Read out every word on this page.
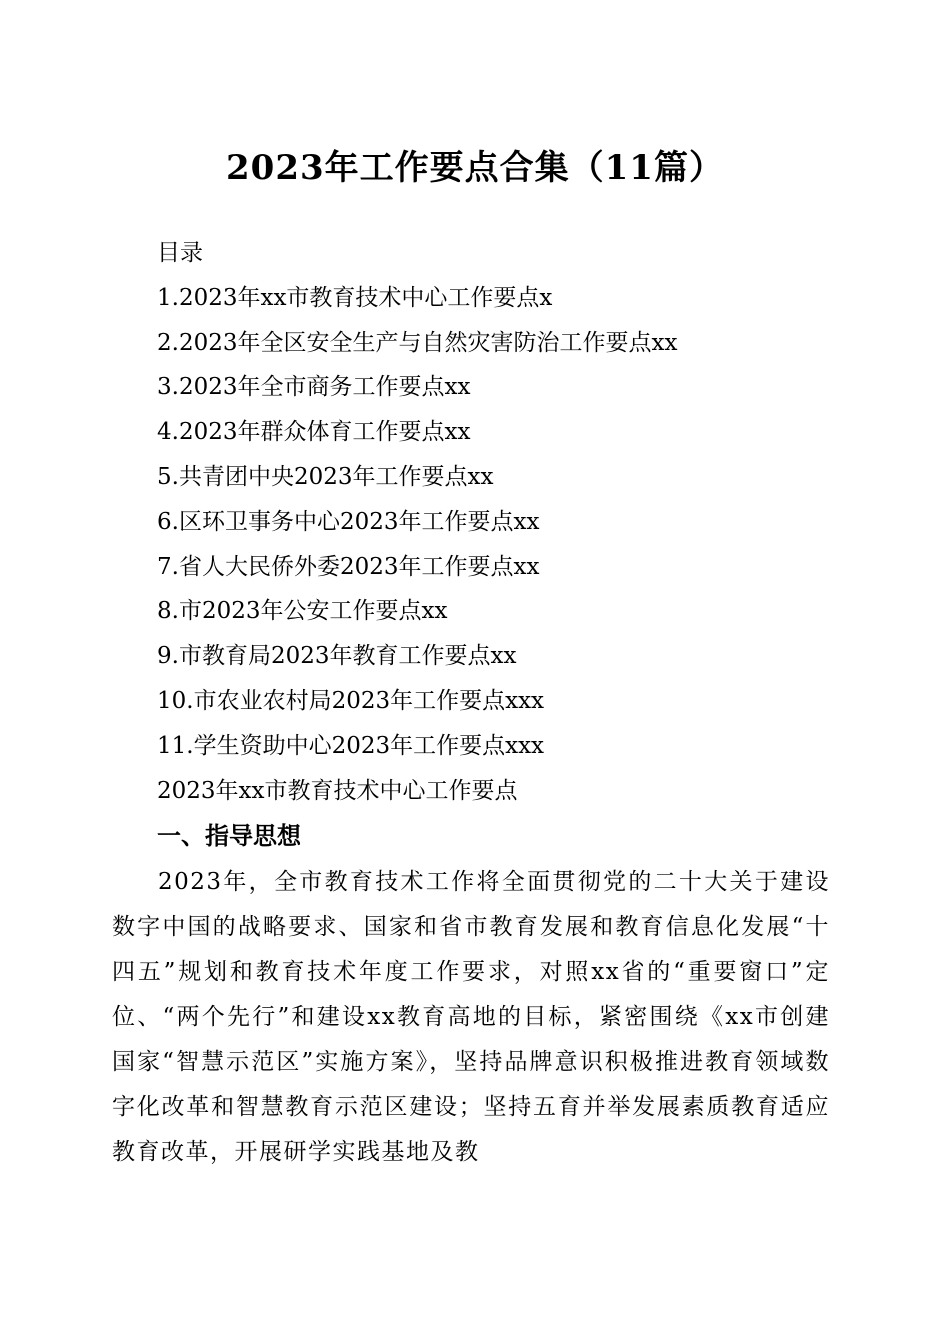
2023年工作要点合集（11篇）
目录
1.2023年xx市教育技术中心工作要点x
2.2023年全区安全生产与自然灾害防治工作要点xx
3.2023年全市商务工作要点xx
4.2023年群众体育工作要点xx
5.共青团中央2023年工作要点xx
6.区环卫事务中心2023年工作要点xx
7.省人大民侨外委2023年工作要点xx
8.市2023年公安工作要点xx
9.市教育局2023年教育工作要点xx
10.市农业农村局2023年工作要点xxx
11.学生资助中心2023年工作要点xxx
2023年xx市教育技术中心工作要点
一、指导思想

2023年，全市教育技术工作将全面贯彻党的二十大关于建设数字中国的战略要求、国家和省市教育发展和教育信息化发展“十四五”规划和教育技术年度工作要求，对照xx省的“重要窗口”定位、“两个先行”和建设xx教育高地的目标，紧密围绕《xx市创建国家“智慧示范区”实施方案》，坚持品牌意识积极推进教育领域数字化改革和智慧教育示范区建设；坚持五育并举发展素质教育适应教育改革，开展研学实践基地及教
